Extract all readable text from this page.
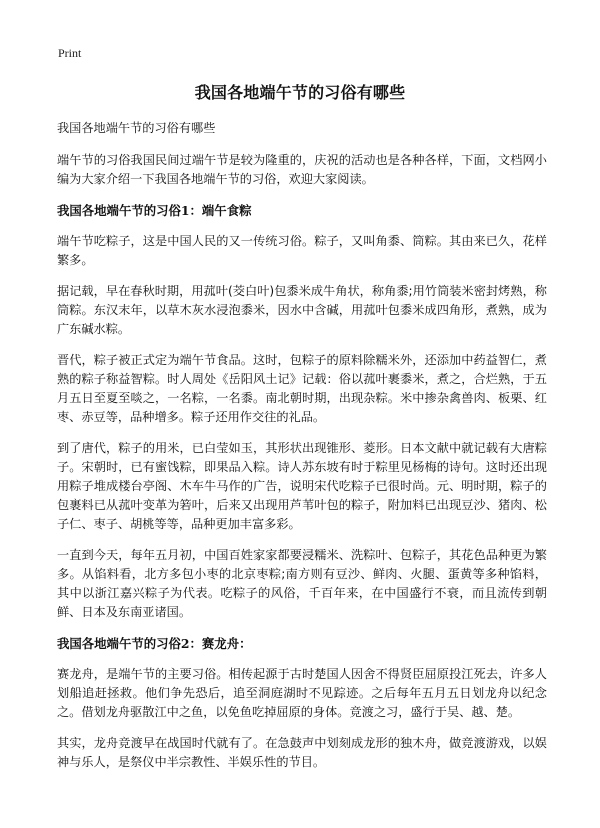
Print
我国各地端午节的习俗有哪些

我国各地端午节的习俗有哪些

端午节的习俗我国民间过端午节是较为隆重的，庆祝的活动也是各种各样，下面，文档网小编为大家介绍一下我国各地端午节的习俗，欢迎大家阅读。

我国各地端午节的习俗1：端午食粽

端午节吃粽子，这是中国人民的又一传统习俗。粽子，又叫角黍、筒粽。其由来已久，花样繁多。

据记载，早在春秋时期，用菰叶(茭白叶)包黍米成牛角状，称角黍;用竹筒装米密封烤熟，称筒粽。东汉末年，以草木灰水浸泡黍米，因水中含碱，用菰叶包黍米成四角形，煮熟，成为广东碱水粽。

晋代，粽子被正式定为端午节食品。这时，包粽子的原料除糯米外，还添加中药益智仁，煮熟的粽子称益智粽。时人周处《岳阳风土记》记载：俗以菰叶裹黍米，煮之，合烂熟，于五月五日至夏至啖之，一名粽，一名黍。南北朝时期，出现杂粽。米中掺杂禽兽肉、板栗、红枣、赤豆等，品种增多。粽子还用作交往的礼品。

到了唐代，粽子的用米，已白莹如玉，其形状出现锥形、菱形。日本文献中就记载有大唐粽子。宋朝时，已有蜜饯粽，即果品入粽。诗人苏东坡有时于粽里见杨梅的诗句。这时还出现用粽子堆成楼台亭阁、木车牛马作的广告，说明宋代吃粽子已很时尚。元、明时期，粽子的包裹料已从菰叶变革为箬叶，后来又出现用芦苇叶包的粽子，附加料已出现豆沙、猪肉、松子仁、枣子、胡桃等等，品种更加丰富多彩。

一直到今天，每年五月初，中国百姓家家都要浸糯米、洗粽叶、包粽子，其花色品种更为繁多。从馅料看，北方多包小枣的北京枣粽;南方则有豆沙、鲜肉、火腿、蛋黄等多种馅料，其中以浙江嘉兴粽子为代表。吃粽子的风俗，千百年来，在中国盛行不衰，而且流传到朝鲜、日本及东南亚诸国。

我国各地端午节的习俗2：赛龙舟：

赛龙舟，是端午节的主要习俗。相传起源于古时楚国人因舍不得贤臣屈原投江死去，许多人划船追赶拯救。他们争先恐后，追至洞庭湖时不见踪迹。之后每年五月五日划龙舟以纪念之。借划龙舟驱散江中之鱼，以免鱼吃掉屈原的身体。竞渡之习，盛行于吴、越、楚。

其实，龙舟竞渡早在战国时代就有了。在急鼓声中划刻成龙形的独木舟，做竞渡游戏，以娱神与乐人，是祭仪中半宗教性、半娱乐性的节目。
